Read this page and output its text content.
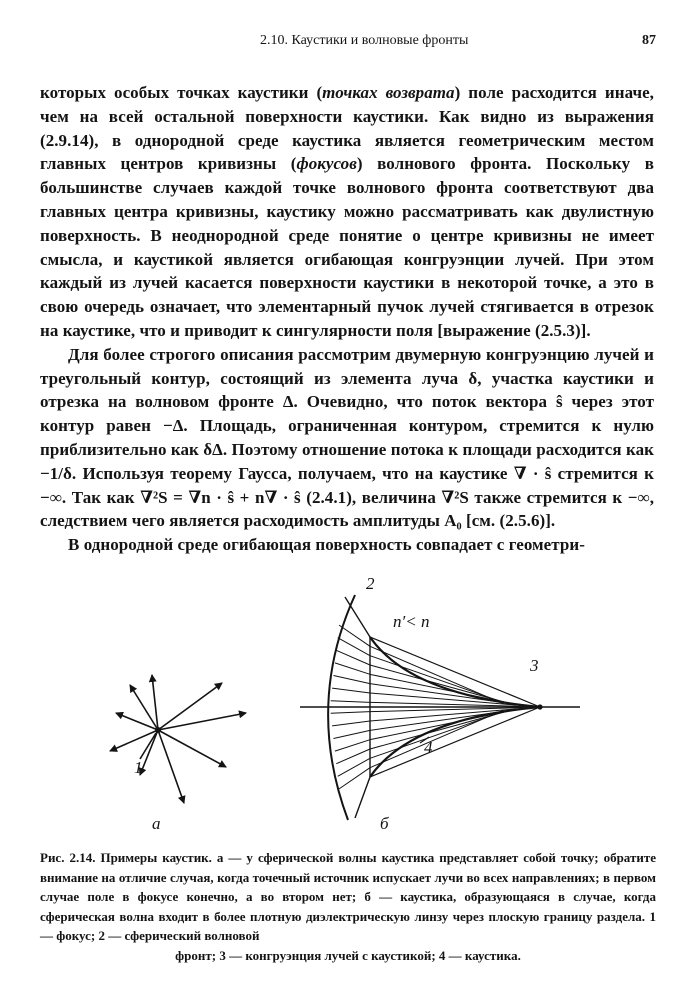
2.10. Каустики и волновые фронты	87

которых особых точках каустики (точках возврата) поле расходится иначе, чем на всей остальной поверхности каустики. Как видно из выражения (2.9.14), в однородной среде каустика является геометрическим местом главных центров кривизны (фокусов) волнового фронта. Поскольку в большинстве случаев каждой точке волнового фронта соответствуют два главных центра кривизны, каустику можно рассматривать как двулистную поверхность. В неоднородной среде понятие о центре кривизны не имеет смысла, и каустикой является огибающая конгруэнции лучей. При этом каждый из лучей касается поверхности каустики в некоторой точке, а это в свою очередь означает, что элементарный пучок лучей стягивается в отрезок на каустике, что и приводит к сингулярности поля [выражение (2.5.3)].

Для более строгого описания рассмотрим двумерную конгруэнцию лучей и треугольный контур, состоящий из элемента луча δ, участка каустики и отрезка на волновом фронте Δ. Очевидно, что поток вектора ŝ через этот контур равен −Δ. Площадь, ограниченная контуром, стремится к нулю приблизительно как δΔ. Поэтому отношение потока к площади расходится как −1/δ. Используя теорему Гаусса, получаем, что на каустике ∇ · ŝ стремится к −∞. Так как ∇²S = ∇n · ŝ + n∇ · ŝ (2.4.1), величина ∇²S также стремится к −∞, следствием чего является расходимость амплитуды A₀ [см. (2.5.6)].

В однородной среде огибающая поверхность совпадает с геометри-

1
а
2
3
4
n′< n
б
Рис. 2.14. Примеры каустик. а — у сферической волны каустика представляет собой точку; обратите внимание на отличие случая, когда точечный источник испускает лучи во всех направлениях; в первом случае поле в фокусе конечно, а во втором нет; б — каустика, образующаяся в случае, когда сферическая волна входит в более плотную диэлектрическую линзу через плоскую границу раздела. 1 — фокус; 2 — сферический волновой
фронт; 3 — конгруэнция лучей с каустикой; 4 — каустика.
